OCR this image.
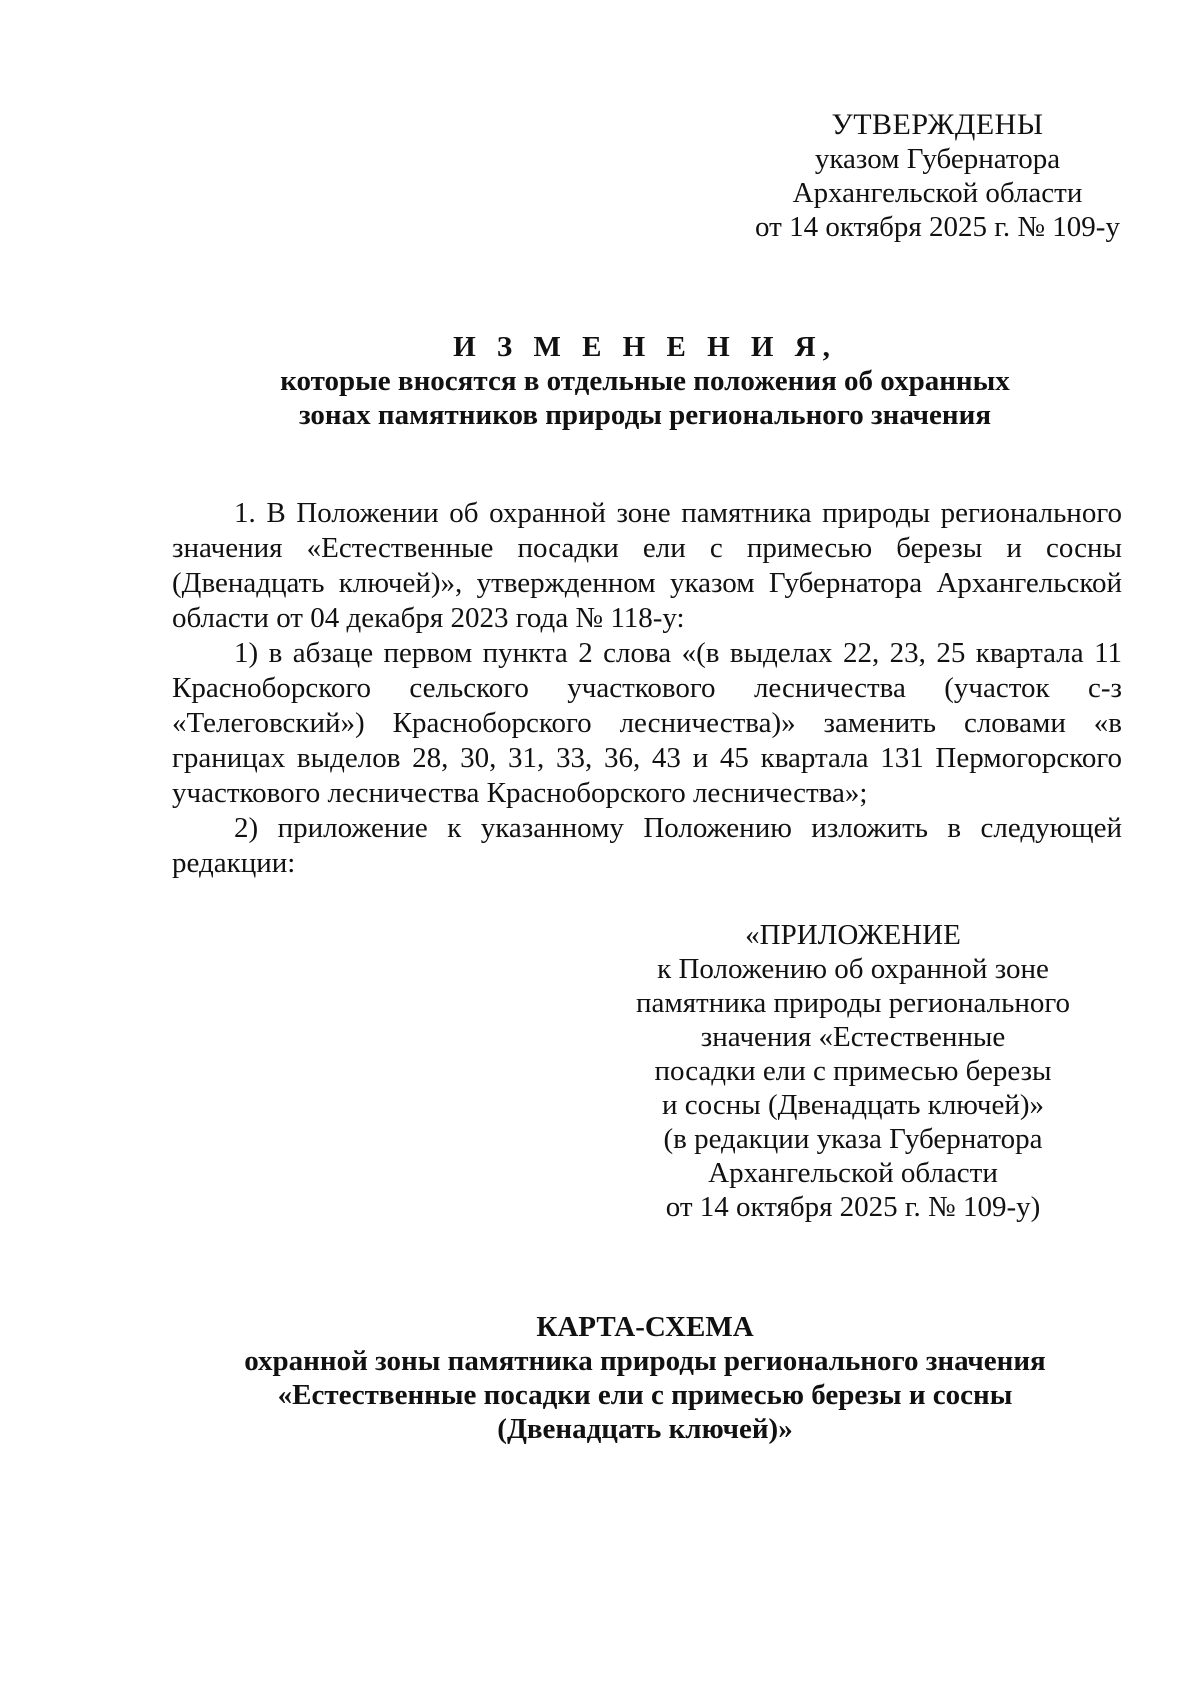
УТВЕРЖДЕНЫ
указом Губернатора
Архангельской области
от 14 октября 2025 г. № 109-у
И З М Е Н Е Н И Я,
которые вносятся в отдельные положения об охранных
зонах памятников природы регионального значения

1. В Положении об охранной зоне памятника природы регионального значения «Естественные посадки ели с примесью березы и сосны (Двенадцать ключей)», утвержденном указом Губернатора Архангельской области от 04 декабря 2023 года № 118-у:

1) в абзаце первом пункта 2 слова «(в выделах 22, 23, 25 квартала 11 Красноборского сельского участкового лесничества (участок с-з «Телеговский») Красноборского лесничества)» заменить словами «в границах выделов 28, 30, 31, 33, 36, 43 и 45 квартала 131 Пермогорского участкового лесничества Красноборского лесничества»;

2) приложение к указанному Положению изложить в следующей редакции:

«ПРИЛОЖЕНИЕ
к Положению об охранной зоне
памятника природы регионального
значения «Естественные
посадки ели с примесью березы
и сосны (Двенадцать ключей)»
(в редакции указа Губернатора
Архангельской области
от 14 октября 2025 г. № 109-у)
КАРТА-СХЕМА
охранной зоны памятника природы регионального значения
«Естественные посадки ели с примесью березы и сосны
(Двенадцать ключей)»
